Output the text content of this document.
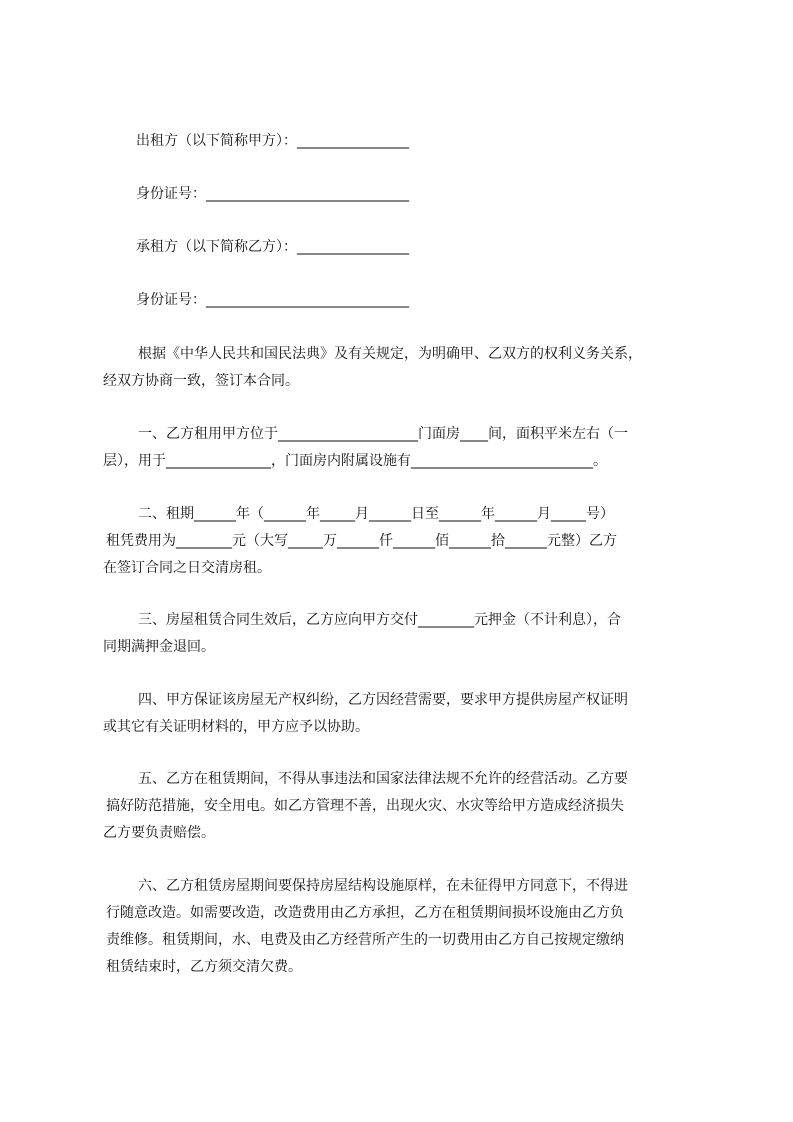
出租方（以下简称甲方）：________________
身份证号：_____________________________
承租方（以下简称乙方）：________________
身份证号：_____________________________
根据《中华人民共和国民法典》及有关规定，为明确甲、乙双方的权利义务关系，
经双方协商一致，签订本合同。
一、乙方租用甲方位于____________________门面房____间，面积平米左右（一
层），用于_______________，门面房内附属设施有__________________________。
二、租期______年（______年_____月______日至______年______月_____号）
租凭费用为________元（大写_____万______仟______佰______拾______元整）乙方
在签订合同之日交清房租。
三、房屋租赁合同生效后，乙方应向甲方交付________元押金（不计利息），合
同期满押金退回。
四、甲方保证该房屋无产权纠纷，乙方因经营需要，要求甲方提供房屋产权证明
或其它有关证明材料的，甲方应予以协助。
五、乙方在租赁期间，不得从事违法和国家法律法规不允许的经营活动。乙方要
搞好防范措施，安全用电。如乙方管理不善，出现火灾、水灾等给甲方造成经济损失
乙方要负责赔偿。
六、乙方租赁房屋期间要保持房屋结构设施原样，在未征得甲方同意下，不得进
行随意改造。如需要改造，改造费用由乙方承担，乙方在租赁期间损坏设施由乙方负
责维修。租赁期间，水、电费及由乙方经营所产生的一切费用由乙方自己按规定缴纳
租赁结束时，乙方须交清欠费。
